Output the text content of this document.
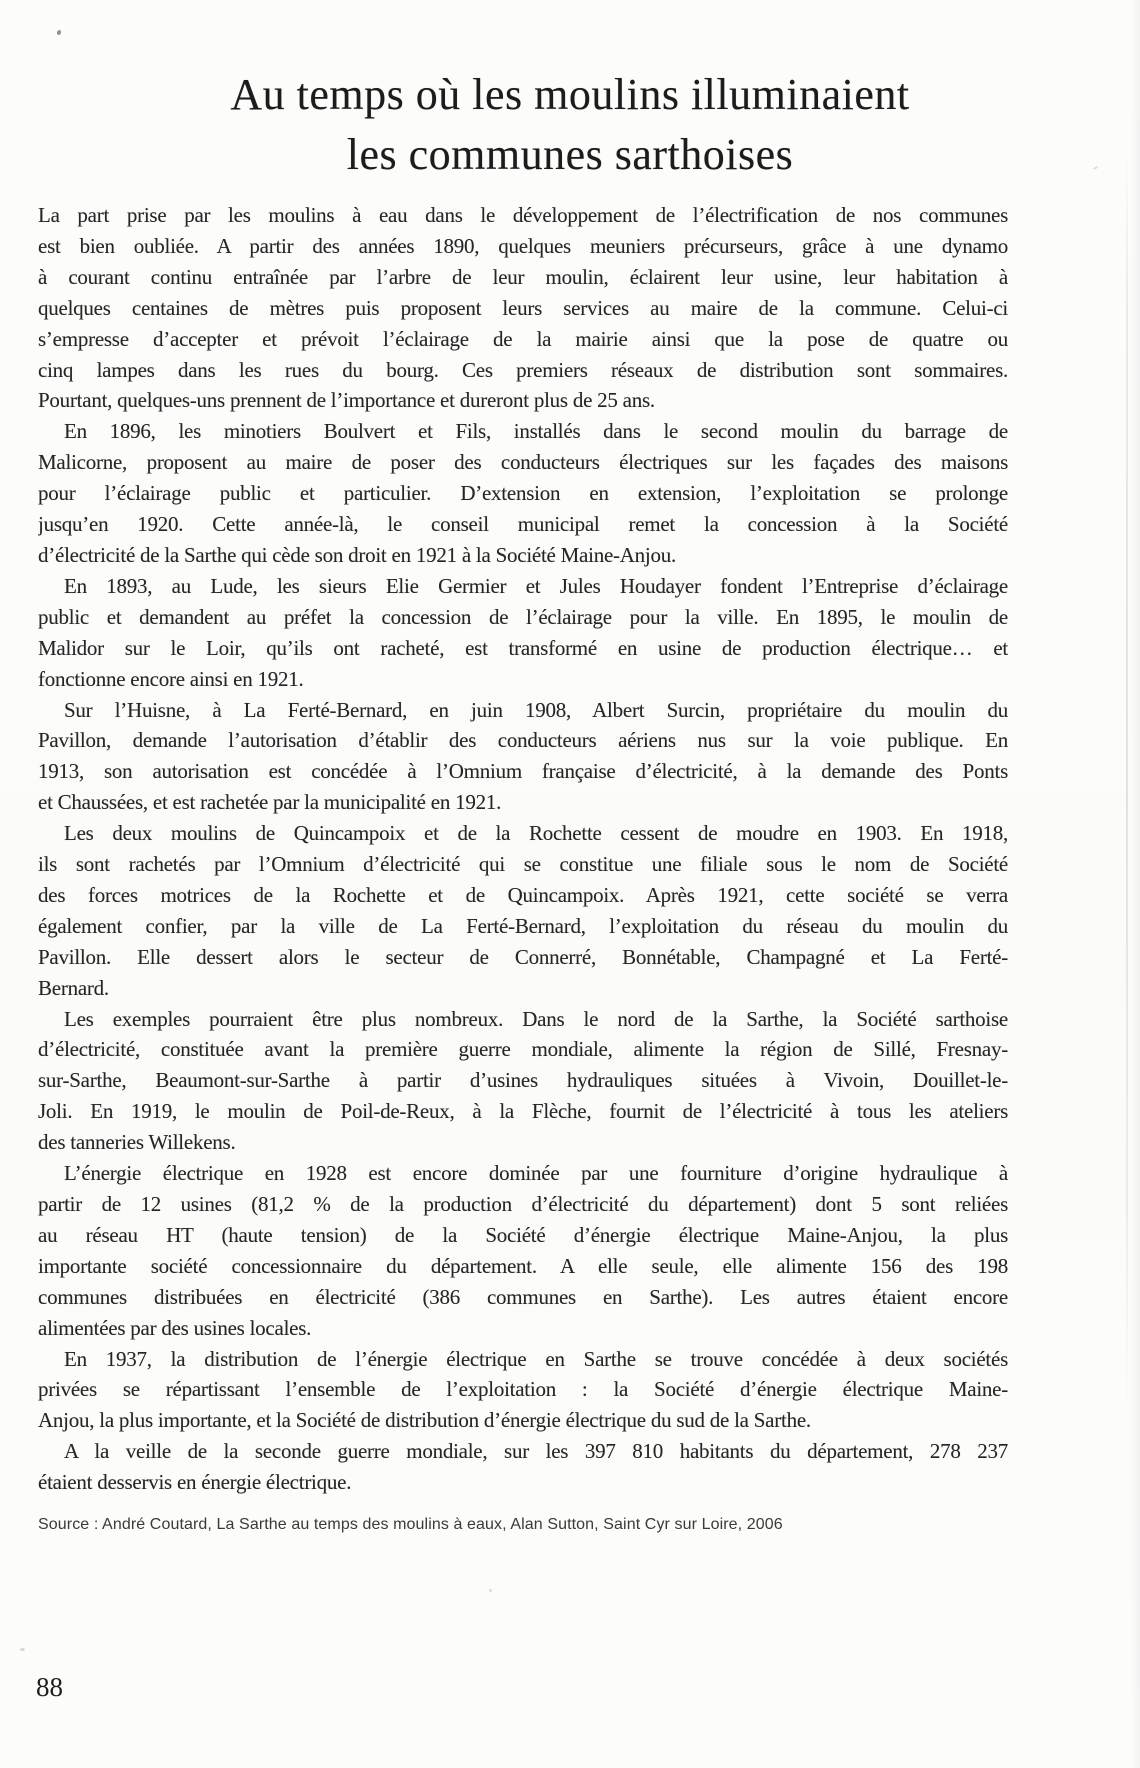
Au temps où les moulins illuminaient
les communes sarthoises
La part prise par les moulins à eau dans le développement de l’électrification de nos communes
est bien oubliée. A partir des années 1890, quelques meuniers précurseurs, grâce à une dynamo
à courant continu entraînée par l’arbre de leur moulin, éclairent leur usine, leur habitation à
quelques centaines de mètres puis proposent leurs services au maire de la commune. Celui-ci
s’empresse d’accepter et prévoit l’éclairage de la mairie ainsi que la pose de quatre ou
cinq lampes dans les rues du bourg. Ces premiers réseaux de distribution sont sommaires.
Pourtant, quelques-uns prennent de l’importance et dureront plus de 25 ans.
En 1896, les minotiers Boulvert et Fils, installés dans le second moulin du barrage de
Malicorne, proposent au maire de poser des conducteurs électriques sur les façades des maisons
pour l’éclairage public et particulier. D’extension en extension, l’exploitation se prolonge
jusqu’en 1920. Cette année-là, le conseil municipal remet la concession à la Société
d’électricité de la Sarthe qui cède son droit en 1921 à la Société Maine-Anjou.
En 1893, au Lude, les sieurs Elie Germier et Jules Houdayer fondent l’Entreprise d’éclairage
public et demandent au préfet la concession de l’éclairage pour la ville. En 1895, le moulin de
Malidor sur le Loir, qu’ils ont racheté, est transformé en usine de production électrique… et
fonctionne encore ainsi en 1921.
Sur l’Huisne, à La Ferté-Bernard, en juin 1908, Albert Surcin, propriétaire du moulin du
Pavillon, demande l’autorisation d’établir des conducteurs aériens nus sur la voie publique. En
1913, son autorisation est concédée à l’Omnium française d’électricité, à la demande des Ponts
et Chaussées, et est rachetée par la municipalité en 1921.
Les deux moulins de Quincampoix et de la Rochette cessent de moudre en 1903. En 1918,
ils sont rachetés par l’Omnium d’électricité qui se constitue une filiale sous le nom de Société
des forces motrices de la Rochette et de Quincampoix. Après 1921, cette société se verra
également confier, par la ville de La Ferté-Bernard, l’exploitation du réseau du moulin du
Pavillon. Elle dessert alors le secteur de Connerré, Bonnétable, Champagné et La Ferté-
Bernard.
Les exemples pourraient être plus nombreux. Dans le nord de la Sarthe, la Société sarthoise
d’électricité, constituée avant la première guerre mondiale, alimente la région de Sillé, Fresnay-
sur-Sarthe, Beaumont-sur-Sarthe à partir d’usines hydrauliques situées à Vivoin, Douillet-le-
Joli. En 1919, le moulin de Poil-de-Reux, à la Flèche, fournit de l’électricité à tous les ateliers
des tanneries Willekens.
L’énergie électrique en 1928 est encore dominée par une fourniture d’origine hydraulique à
partir de 12 usines (81,2 % de la production d’électricité du département) dont 5 sont reliées
au réseau HT (haute tension) de la Société d’énergie électrique Maine-Anjou, la plus
importante société concessionnaire du département. A elle seule, elle alimente 156 des 198
communes distribuées en électricité (386 communes en Sarthe). Les autres étaient encore
alimentées par des usines locales.
En 1937, la distribution de l’énergie électrique en Sarthe se trouve concédée à deux sociétés
privées se répartissant l’ensemble de l’exploitation : la Société d’énergie électrique Maine-
Anjou, la plus importante, et la Société de distribution d’énergie électrique du sud de la Sarthe.
A la veille de la seconde guerre mondiale, sur les 397 810 habitants du département, 278 237
étaient desservis en énergie électrique.
Source : André Coutard, La Sarthe au temps des moulins à eaux, Alan Sutton, Saint Cyr sur Loire, 2006
88
